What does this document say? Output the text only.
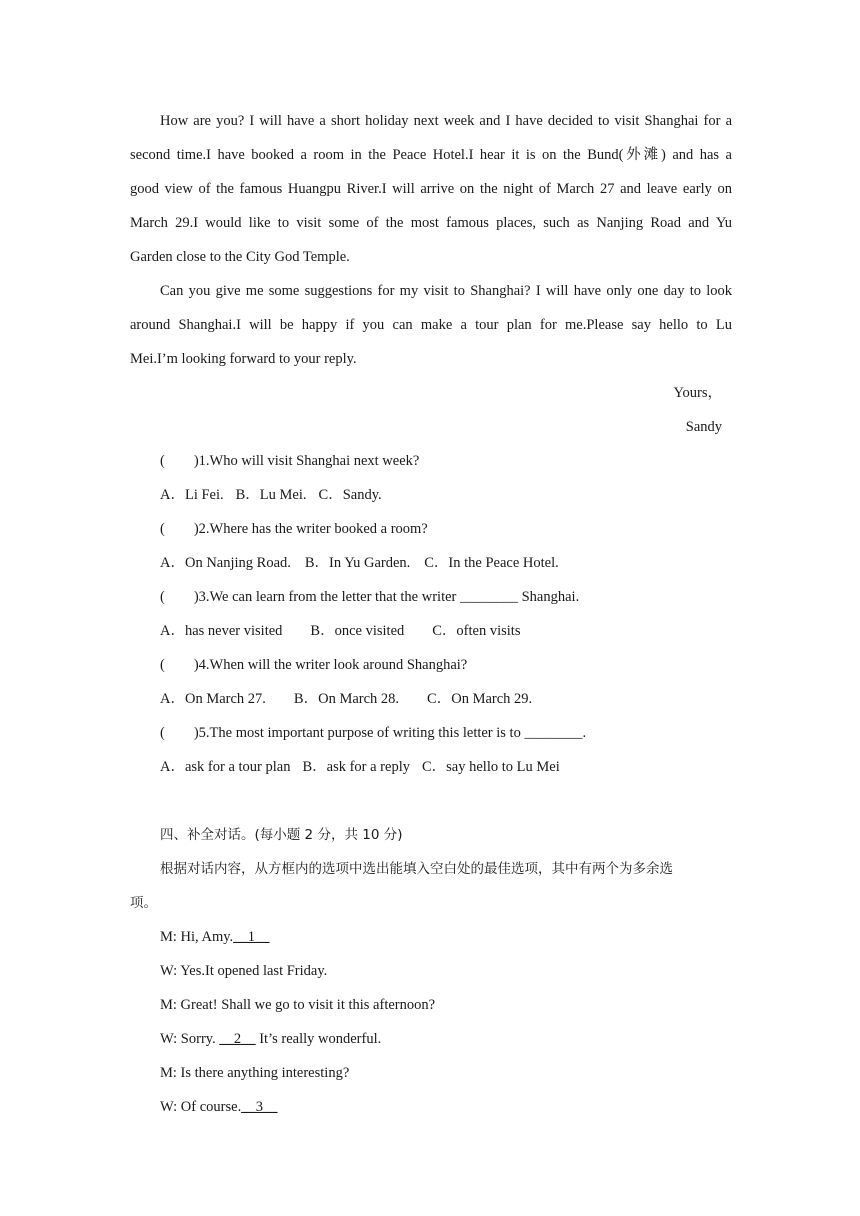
How are you? I will have a short holiday next week and I have decided to visit Shanghai for a
second time.I have booked a room in the Peace Hotel.I hear it is on the Bund(外滩) and has a
good view of the famous Huangpu River.I will arrive on the night of March 27 and leave early on
March 29.I would like to visit some of the most famous places, such as Nanjing Road and Yu
Garden close to the City God Temple.
Can you give me some suggestions for my visit to Shanghai? I will have only one day to look
around Shanghai.I will be happy if you can make a tour plan for me.Please say hello to Lu
Mei.I’m looking forward to your reply.
Yours，
Sandy
(　　)1.Who will visit Shanghai next week?
A．Li Fei. B．Lu Mei. C．Sandy.
(　　)2.Where has the writer booked a room?
A．On Nanjing Road. B．In Yu Garden. C．In the Peace Hotel.
(　　)3.We can learn from the letter that the writer ________ Shanghai.
A．has never visited B．once visited C．often visits
(　　)4.When will the writer look around Shanghai?
A．On March 27. B．On March 28. C．On March 29.
(　　)5.The most important purpose of writing this letter is to ________.
A．ask for a tour plan B．ask for a reply C．say hello to Lu Mei
四、补全对话。(每小题 2 分，共 10 分)
根据对话内容，从方框内的选项中选出能填入空白处的最佳选项，其中有两个为多余选
项。
M: Hi, Amy.__1__
W: Yes.It opened last Friday.
M: Great! Shall we go to visit it this afternoon?
W: Sorry. __2__ It’s really wonderful.
M: Is there anything interesting?
W: Of course.__3__
